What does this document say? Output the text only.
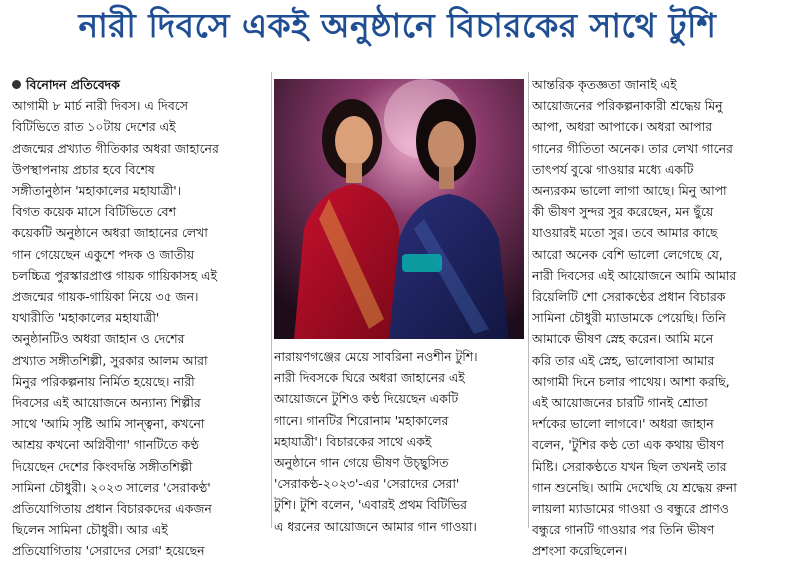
নারী দিবসে একই অনুষ্ঠানে বিচারকের সাথে টুশি
বিনোদন প্রতিবেদক

আগামী ৮ মার্চ নারী দিবস। এ দিবসে

বিটিভিতে রাত ১০টায় দেশের এই

প্রজন্মের প্রখ্যাত গীতিকার অধরা জাহানের

উপস্থাপনায় প্রচার হবে বিশেষ

সঙ্গীতানুষ্ঠান 'মহাকালের মহাযাত্রী'।

বিগত কয়েক মাসে বিটিভিতে বেশ

কয়েকটি অনুষ্ঠানে অধরা জাহানের লেখা

গান গেয়েছেন একুশে পদক ও জাতীয়

চলচ্চিত্র পুরস্কারপ্রাপ্ত গায়ক গায়িকাসহ এই

প্রজন্মের গায়ক-গায়িকা নিয়ে ৩৫ জন।

যথারীতি 'মহাকালের মহাযাত্রী'

অনুষ্ঠানটিও অধরা জাহান ও দেশের

প্রখ্যাত সঙ্গীতশিল্পী, সুরকার আলম আরা

মিনুর পরিকল্পনায় নির্মিত হয়েছে। নারী

দিবসের এই আয়োজনে অন্যান্য শিল্পীর

সাথে 'আমি সৃষ্টি আমি সান্ত্বনা, কখনো

আশ্রয় কখনো অগ্নিবীণা' গানটিতে কণ্ঠ

দিয়েছেন দেশের কিংবদন্তি সঙ্গীতশিল্পী

সামিনা চৌধুরী। ২০২৩ সালের 'সেরাকণ্ঠ'

প্রতিযোগিতায় প্রধান বিচারকদের একজন

ছিলেন সামিনা চৌধুরী। আর এই

প্রতিযোগিতায় 'সেরাদের সেরা' হয়েছেন

নারায়ণগঞ্জের মেয়ে সাবরিনা নওশীন টুশি।

নারী দিবসকে ঘিরে অধরা জাহানের এই

আয়োজনে টুশিও কণ্ঠ দিয়েছেন একটি

গানে। গানটির শিরোনাম 'মহাকালের

মহাযাত্রী'। বিচারকের সাথে একই

অনুষ্ঠানে গান গেয়ে ভীষণ উচ্ছ্বসিত

'সেরাকণ্ঠ-২০২৩'-এর 'সেরাদের সেরা'

টুশি। টুশি বলেন, 'এবারই প্রথম বিটিভির

এ ধরনের আয়োজনে আমার গান গাওয়া।

আন্তরিক কৃতজ্ঞতা জানাই এই

আয়োজনের পরিকল্পনাকারী শ্রদ্ধেয় মিনু

আপা, অধরা আপাকে। অধরা আপার

গানের গীতিতা অনেক। তার লেখা গানের

তাৎপর্য বুঝে গাওয়ার মধ্যে একটি

অন্যরকম ভালো লাগা আছে। মিনু আপা

কী ভীষণ সুন্দর সুর করেছেন, মন ছুঁয়ে

যাওয়ারই মতো সুর। তবে আমার কাছে

আরো অনেক বেশি ভালো লেগেছে যে,

নারী দিবসের এই আয়োজনে আমি আমার

রিয়েলিটি শো সেরাকণ্ঠের প্রধান বিচারক

সামিনা চৌধুরী ম্যাডামকে পেয়েছি। তিনি

আমাকে ভীষণ স্নেহ করেন। আমি মনে

করি তার এই স্নেহ, ভালোবাসা আমার

আগামী দিনে চলার পাথেয়। আশা করছি,

এই আয়োজনের চারটি গানই শ্রোতা

দর্শকের ভালো লাগবে।' অধরা জাহান

বলেন, 'টুশির কণ্ঠ তো এক কথায় ভীষণ

মিষ্টি। সেরাকণ্ঠতে যখন ছিল তখনই তার

গান শুনেছি। আমি দেখেছি যে শ্রদ্ধেয় রুনা

লায়লা ম্যাডামের গাওয়া ও বন্ধুরে প্রাণও

বন্ধুরে গানটি গাওয়ার পর তিনি ভীষণ

প্রশংসা করেছিলেন।
